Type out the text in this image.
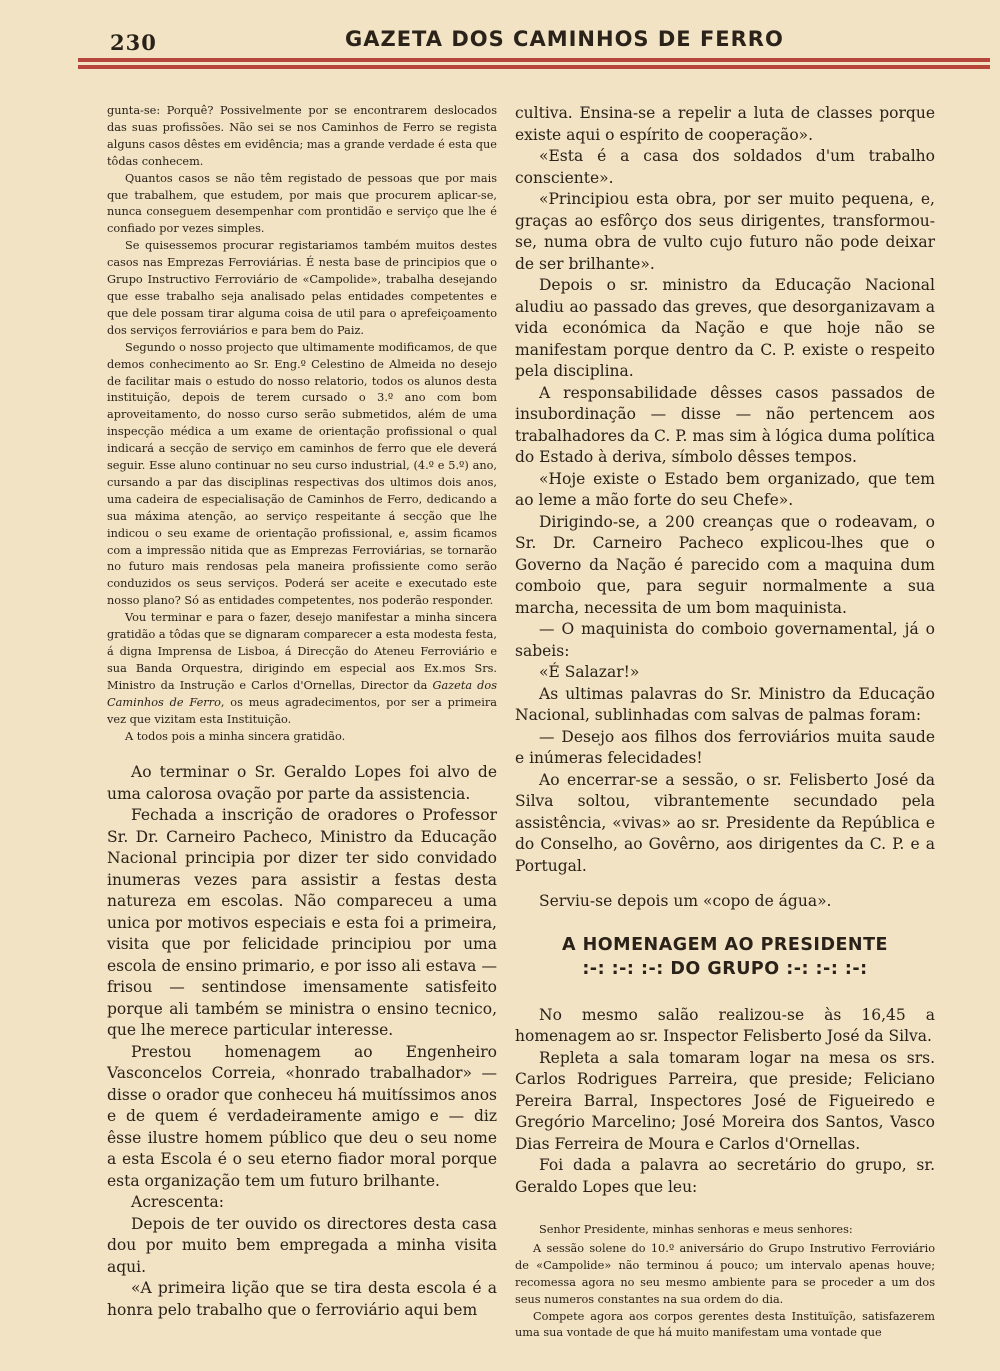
230	GAZETA DOS CAMINHOS DE FERRO

gunta-se: Porquê? Possivelmente por se encontrarem deslocados das suas profissões. Não sei se nos Caminhos de Ferro se regista alguns casos dêstes em evidência; mas a grande verdade é esta que tôdas conhecem.

Quantos casos se não têm registado de pessoas que por mais que trabalhem, que estudem, por mais que procurem aplicar-se, nunca conseguem desempenhar com prontidão e serviço que lhe é confiado por vezes simples.

Se quisessemos procurar registariamos também muitos destes casos nas Emprezas Ferroviárias. É nesta base de principios que o Grupo Instructivo Ferroviário de «Campolide», trabalha desejando que esse trabalho seja analisado pelas entidades competentes e que dele possam tirar alguma coisa de util para o aprefeiçoamento dos serviços ferroviários e para bem do Paiz.

Segundo o nosso projecto que ultimamente modificamos, de que demos conhecimento ao Sr. Eng.º Celestino de Almeida no desejo de facilitar mais o estudo do nosso relatorio, todos os alunos desta instituição, depois de terem cursado o 3.º ano com bom aproveitamento, do nosso curso serão submetidos, além de uma inspecção médica a um exame de orientação profissional o qual indicará a secção de serviço em caminhos de ferro que ele deverá seguir. Esse aluno continuar no seu curso industrial, (4.º e 5.º) ano, cursando a par das disciplinas respectivas dos ultimos dois anos, uma cadeira de especialisação de Caminhos de Ferro, dedicando a sua máxima atenção, ao serviço respeitante á secção que lhe indicou o seu exame de orientação profissional, e, assim ficamos com a impressão nitida que as Emprezas Ferroviárias, se tornarão no futuro mais rendosas pela maneira profissiente como serão conduzidos os seus serviços. Poderá ser aceite e executado este nosso plano? Só as entidades competentes, nos poderão responder.

Vou terminar e para o fazer, desejo manifestar a minha sincera gratidão a tôdas que se dignaram comparecer a esta modesta festa, á digna Imprensa de Lisboa, á Direcção do Ateneu Ferroviário e sua Banda Orquestra, dirigindo em especial aos Ex.mos Srs. Ministro da Instrução e Carlos d'Ornellas, Director da Gazeta dos Caminhos de Ferro, os meus agradecimentos, por ser a primeira vez que vizitam esta Instituição.

A todos pois a minha sincera gratidão.

Ao terminar o Sr. Geraldo Lopes foi alvo de uma calorosa ovação por parte da assistencia.

Fechada a inscrição de oradores o Professor Sr. Dr. Carneiro Pacheco, Ministro da Educação Nacional principia por dizer ter sido convidado inumeras vezes para assistir a festas desta natureza em escolas. Não compareceu a uma unica por motivos especiais e esta foi a primeira, visita que por felicidade principiou por uma escola de ensino primario, e por isso ali estava — frisou — sentindose imensamente satisfeito porque ali também se ministra o ensino tecnico, que lhe merece particular interesse.

Prestou homenagem ao Engenheiro Vasconcelos Correia, «honrado trabalhador» — disse o orador que conheceu há muitíssimos anos e de quem é verdadeiramente amigo e — diz êsse ilustre homem público que deu o seu nome a esta Escola é o seu eterno fiador moral porque esta organização tem um futuro brilhante.

Acrescenta:

Depois de ter ouvido os directores desta casa dou por muito bem empregada a minha visita aqui.

«A primeira lição que se tira desta escola é a honra pelo trabalho que o ferroviário aqui bem

cultiva. Ensina-se a repelir a luta de classes porque existe aqui o espírito de cooperação».

«Esta é a casa dos soldados d'um trabalho consciente».

«Principiou esta obra, por ser muito pequena, e, graças ao esfôrço dos seus dirigentes, transformou-se, numa obra de vulto cujo futuro não pode deixar de ser brilhante».

Depois o sr. ministro da Educação Nacional aludiu ao passado das greves, que desorganizavam a vida económica da Nação e que hoje não se manifestam porque dentro da C. P. existe o respeito pela disciplina.

A responsabilidade dêsses casos passados de insubordinação — disse — não pertencem aos trabalhadores da C. P. mas sim à lógica duma política do Estado à deriva, símbolo dêsses tempos.

«Hoje existe o Estado bem organizado, que tem ao leme a mão forte do seu Chefe».

Dirigindo-se, a 200 creanças que o rodeavam, o Sr. Dr. Carneiro Pacheco explicou-lhes que o Governo da Nação é parecido com a maquina dum comboio que, para seguir normalmente a sua marcha, necessita de um bom maquinista.

— O maquinista do comboio governamental, já o sabeis:

«É Salazar!»

As ultimas palavras do Sr. Ministro da Educação Nacional, sublinhadas com salvas de palmas foram:

— Desejo aos filhos dos ferroviários muita saude e inúmeras felecidades!

Ao encerrar-se a sessão, o sr. Felisberto José da Silva soltou, vibrantemente secundado pela assistência, «vivas» ao sr. Presidente da República e do Conselho, ao Govêrno, aos dirigentes da C. P. e a Portugal.

Serviu-se depois um «copo de água».

A HOMENAGEM AO PRESIDENTE
:-: :-: :-: DO GRUPO :-: :-: :-:

No mesmo salão realizou-se às 16,45 a homenagem ao sr. Inspector Felisberto José da Silva.

Repleta a sala tomaram logar na mesa os srs. Carlos Rodrigues Parreira, que preside; Feliciano Pereira Barral, Inspectores José de Figueiredo e Gregório Marcelino; José Moreira dos Santos, Vasco Dias Ferreira de Moura e Carlos d'Ornellas.

Foi dada a palavra ao secretário do grupo, sr. Geraldo Lopes que leu:

Senhor Presidente, minhas senhoras e meus senhores:

A sessão solene do 10.º aniversário do Grupo Instrutivo Ferroviário de «Campolide» não terminou á pouco; um intervalo apenas houve; recomessa agora no seu mesmo ambiente para se proceder a um dos seus numeros constantes na sua ordem do dia.

Compete agora aos corpos gerentes desta Instituïção, satisfazerem uma sua vontade de que há muito manifestam uma vontade que
